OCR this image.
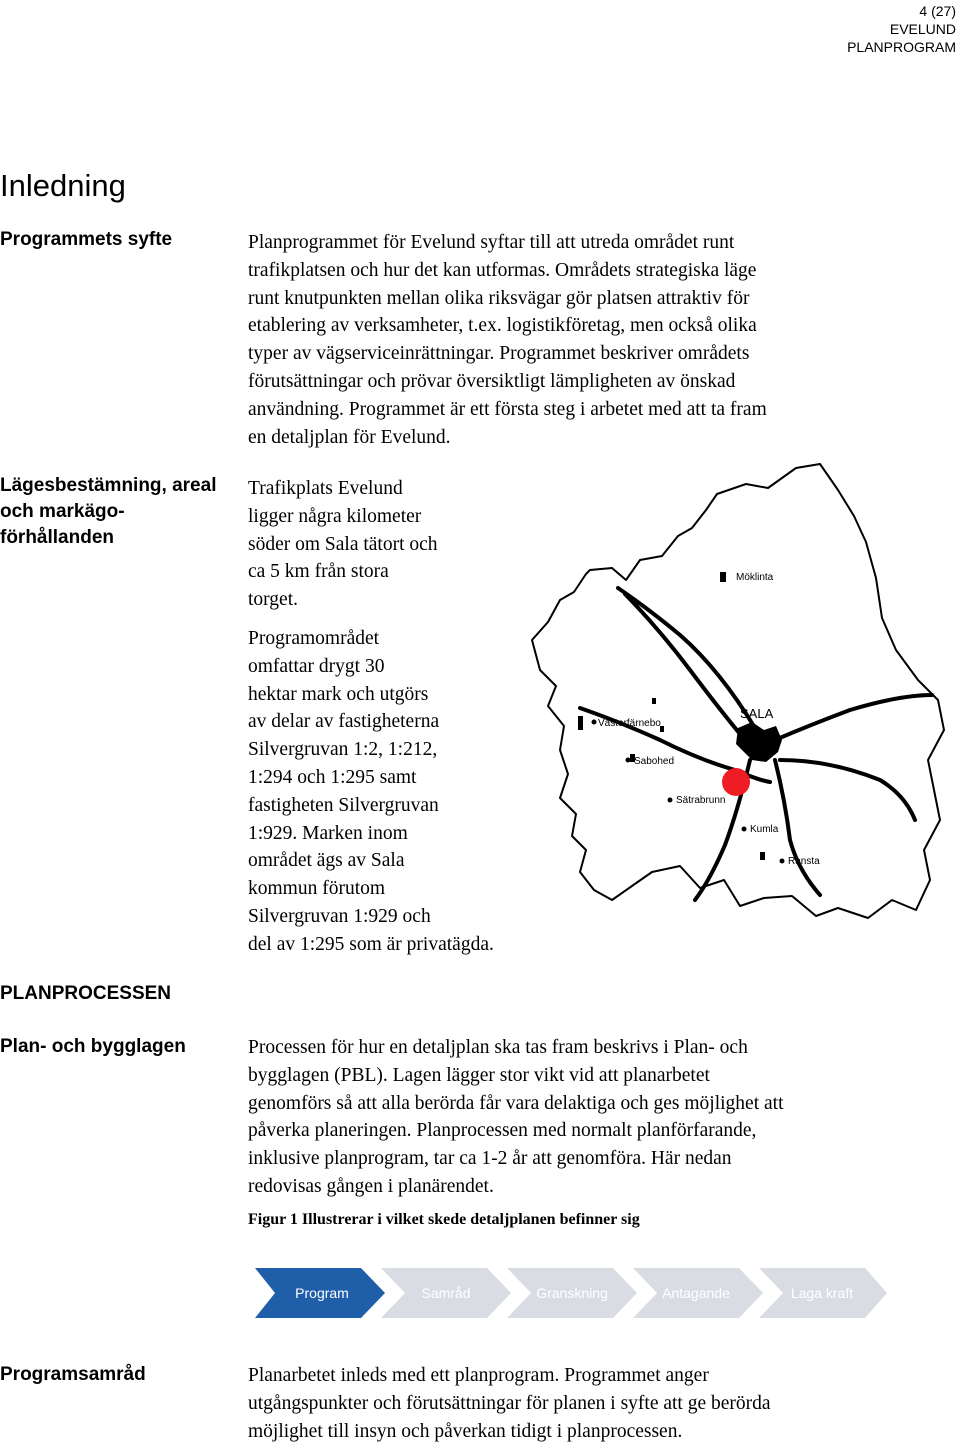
4 (27)
EVELUND
PLANPROGRAM
Inledning
Programmets syfte	Planprogrammet för Evelund syftar till att utreda området runt
trafikplatsen och hur det kan utformas. Områdets strategiska läge
runt knutpunkten mellan olika riksvägar gör platsen attraktiv för
etablering av verksamheter, t.ex. logistikföretag, men också olika
typer av vägserviceinrättningar. Programmet beskriver områdets
förutsättningar och prövar översiktligt lämpligheten av önskad
användning. Programmet är ett första steg i arbetet med att ta fram
en detaljplan för Evelund.
Lägesbestämning, areal
och markägo-
förhållanden
Trafikplats Evelund
ligger några kilometer
söder om Sala tätort och
ca 5 km från stora
torget.
Programområdet
omfattar drygt 30
hektar mark och utgörs
av delar av fastigheterna
Silvergruvan 1:2, 1:212,
1:294 och 1:295 samt
fastigheten Silvergruvan
1:929. Marken inom
området ägs av Sala
kommun förutom
Silvergruvan 1:929 och
del av 1:295 som är privatägda.
Möklinta
Västerfärnebo
SALA
Sabohed
Sätrabrunn
Kumla
Ransta
PLANPROCESSEN
Plan- och bygglagen	Processen för hur en detaljplan ska tas fram beskrivs i Plan- och
bygglagen (PBL). Lagen lägger stor vikt vid att planarbetet
genomförs så att alla berörda får vara delaktiga och ges möjlighet att
påverka planeringen. Planprocessen med normalt planförfarande,
inklusive planprogram, tar ca 1-2 år att genomföra. Här nedan
redovisas gången i planärendet.
Figur 1 Illustrerar i vilket skede detaljplanen befinner sig
Program	Samråd	Granskning	Antagande	Laga kraft
Programsamråd	Planarbetet inleds med ett planprogram. Programmet anger
utgångspunkter och förutsättningar för planen i syfte att ge berörda
möjlighet till insyn och påverkan tidigt i planprocessen.
